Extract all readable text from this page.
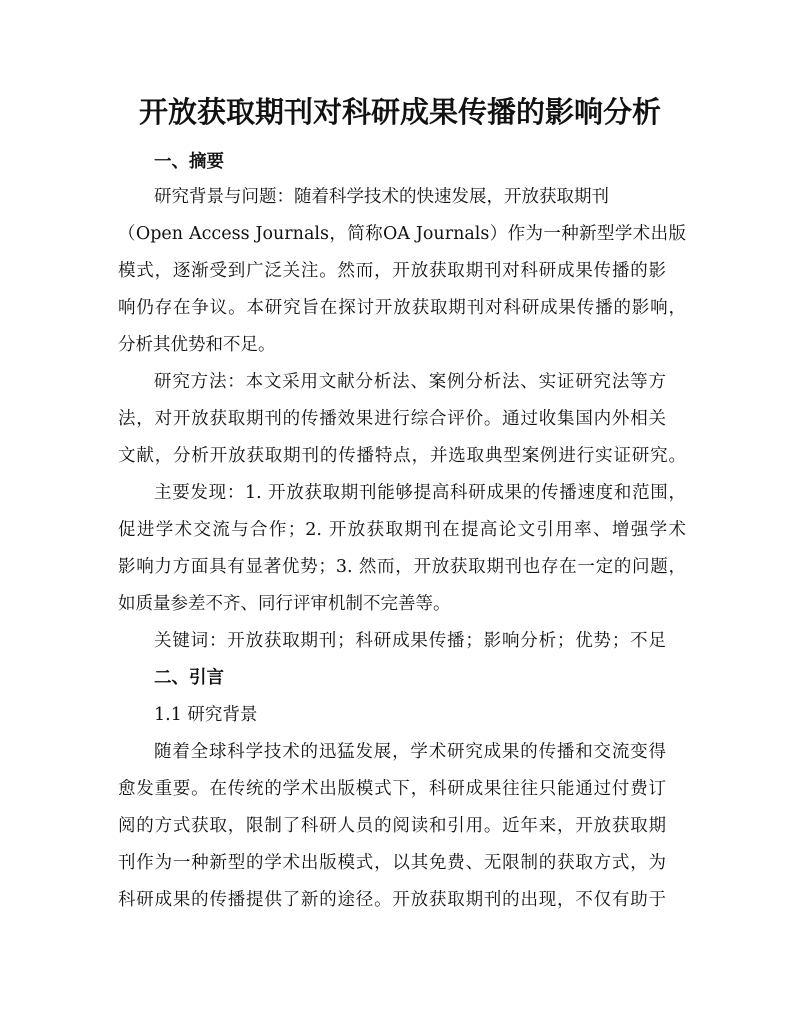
开放获取期刊对科研成果传播的影响分析

一、摘要

研究背景与问题：随着科学技术的快速发展，开放获取期刊

（Open Access Journals，简称OA Journals）作为一种新型学术出版

模式，逐渐受到广泛关注。然而，开放获取期刊对科研成果传播的影

响仍存在争议。本研究旨在探讨开放获取期刊对科研成果传播的影响，

分析其优势和不足。

研究方法：本文采用文献分析法、案例分析法、实证研究法等方

法，对开放获取期刊的传播效果进行综合评价。通过收集国内外相关

文献，分析开放获取期刊的传播特点，并选取典型案例进行实证研究。

主要发现：1. 开放获取期刊能够提高科研成果的传播速度和范围，

促进学术交流与合作；2. 开放获取期刊在提高论文引用率、增强学术

影响力方面具有显著优势；3. 然而，开放获取期刊也存在一定的问题，

如质量参差不齐、同行评审机制不完善等。

关键词：开放获取期刊；科研成果传播；影响分析；优势；不足

二、引言

1.1 研究背景

随着全球科学技术的迅猛发展，学术研究成果的传播和交流变得

愈发重要。在传统的学术出版模式下，科研成果往往只能通过付费订

阅的方式获取，限制了科研人员的阅读和引用。近年来，开放获取期

刊作为一种新型的学术出版模式，以其免费、无限制的获取方式，为

科研成果的传播提供了新的途径。开放获取期刊的出现，不仅有助于
